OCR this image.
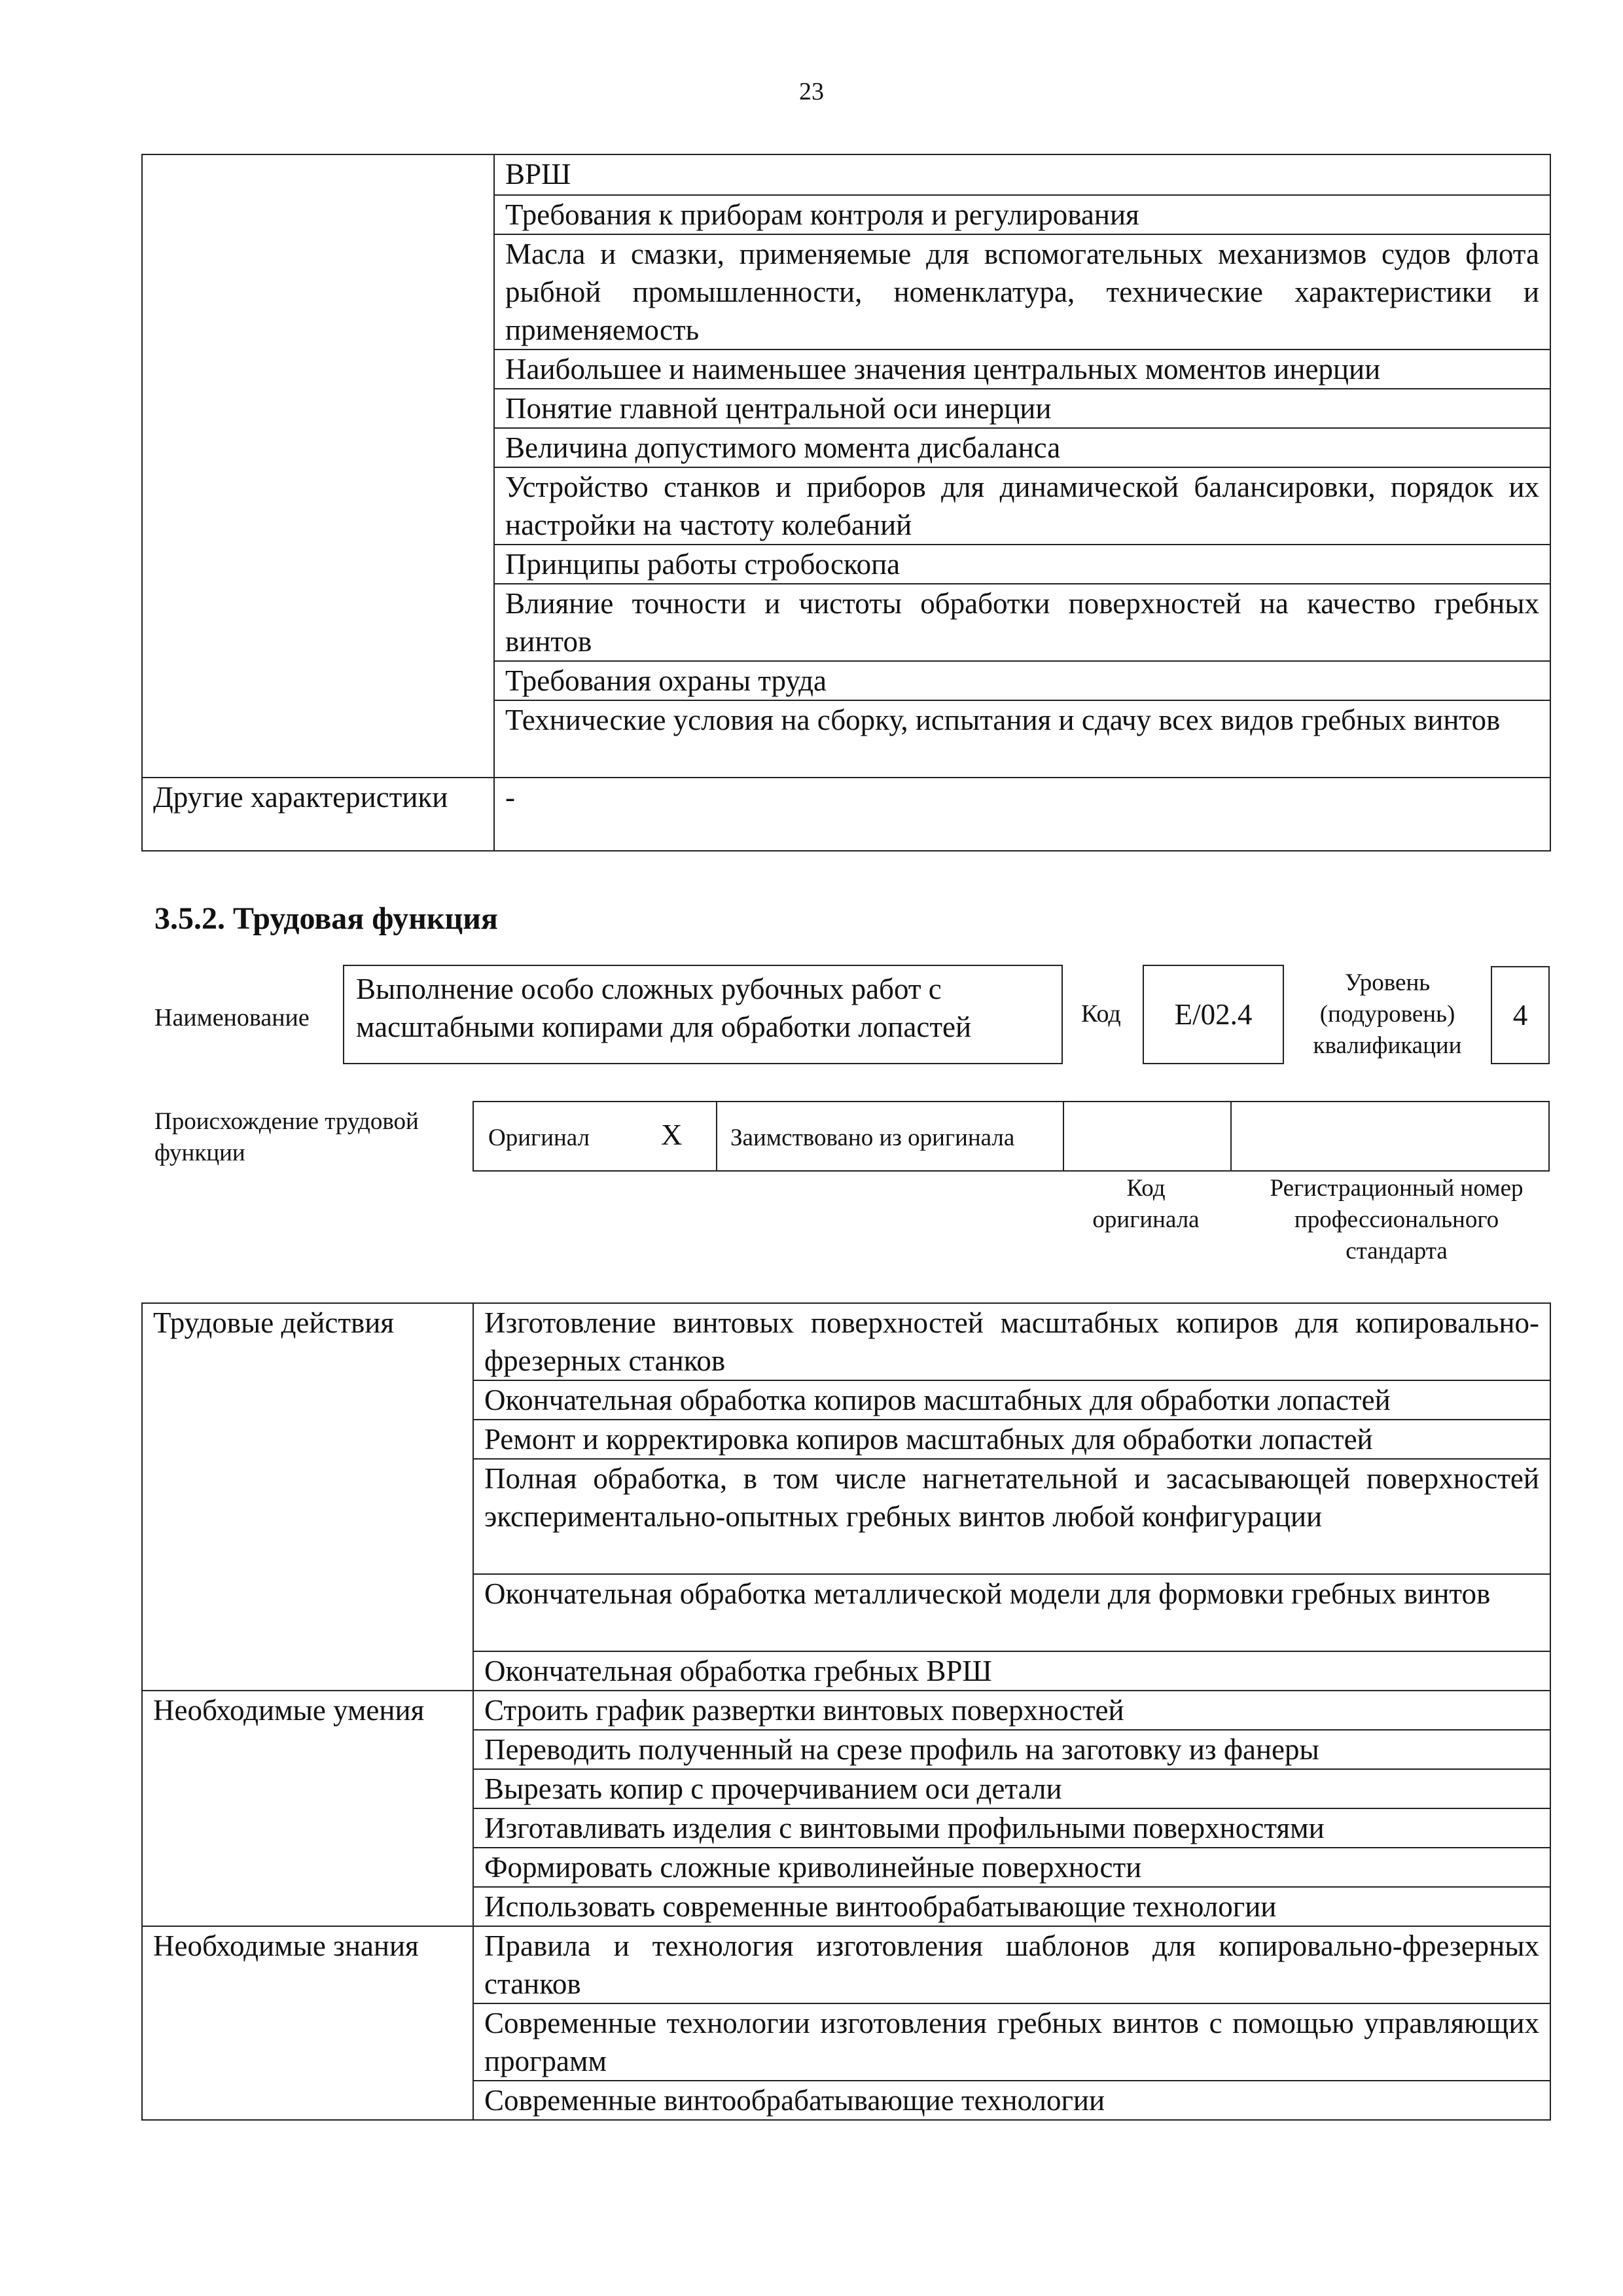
23
	ВРШ
	Требования к приборам контроля и регулирования
	Масла и смазки, применяемые для вспомогательных механизмов судов флота рыбной промышленности, номенклатура, технические характеристики и применяемость
	Наибольшее и наименьшее значения центральных моментов инерции
	Понятие главной центральной оси инерции
	Величина допустимого момента дисбаланса
	Устройство станков и приборов для динамической балансировки, порядок их настройки на частоту колебаний
	Принципы работы стробоскопа
	Влияние точности и чистоты обработки поверхностей на качество гребных винтов
	Требования охраны труда
	Технические условия на сборку, испытания и сдачу всех видов гребных винтов
Другие характеристики	-
3.5.2. Трудовая функция
Наименование
Выполнение особо сложных рубочных работ с масштабными копирами для обработки лопастей	Код E/02.4
Уровень (подуровень) квалификации
4
Происхождение трудовой функции
Оригинал X Заимствовано из оригинала
Код оригинала
Регистрационный номер профессионального стандарта
Трудовые действия	Изготовление винтовых поверхностей масштабных копиров для копировально-фрезерных станков
	Окончательная обработка копиров масштабных для обработки лопастей
	Ремонт и корректировка копиров масштабных для обработки лопастей
	Полная обработка, в том числе нагнетательной и засасывающей поверхностей экспериментально-опытных гребных винтов любой конфигурации
	Окончательная обработка металлической модели для формовки гребных винтов
	Окончательная обработка гребных ВРШ
Необходимые умения	Строить график развертки винтовых поверхностей
	Переводить полученный на срезе профиль на заготовку из фанеры
	Вырезать копир с прочерчиванием оси детали
	Изготавливать изделия с винтовыми профильными поверхностями
	Формировать сложные криволинейные поверхности
	Использовать современные винтообрабатывающие технологии
Необходимые знания	Правила и технология изготовления шаблонов для копировально-фрезерных станков
	Современные технологии изготовления гребных винтов с помощью управляющих программ
	Современные винтообрабатывающие технологии
